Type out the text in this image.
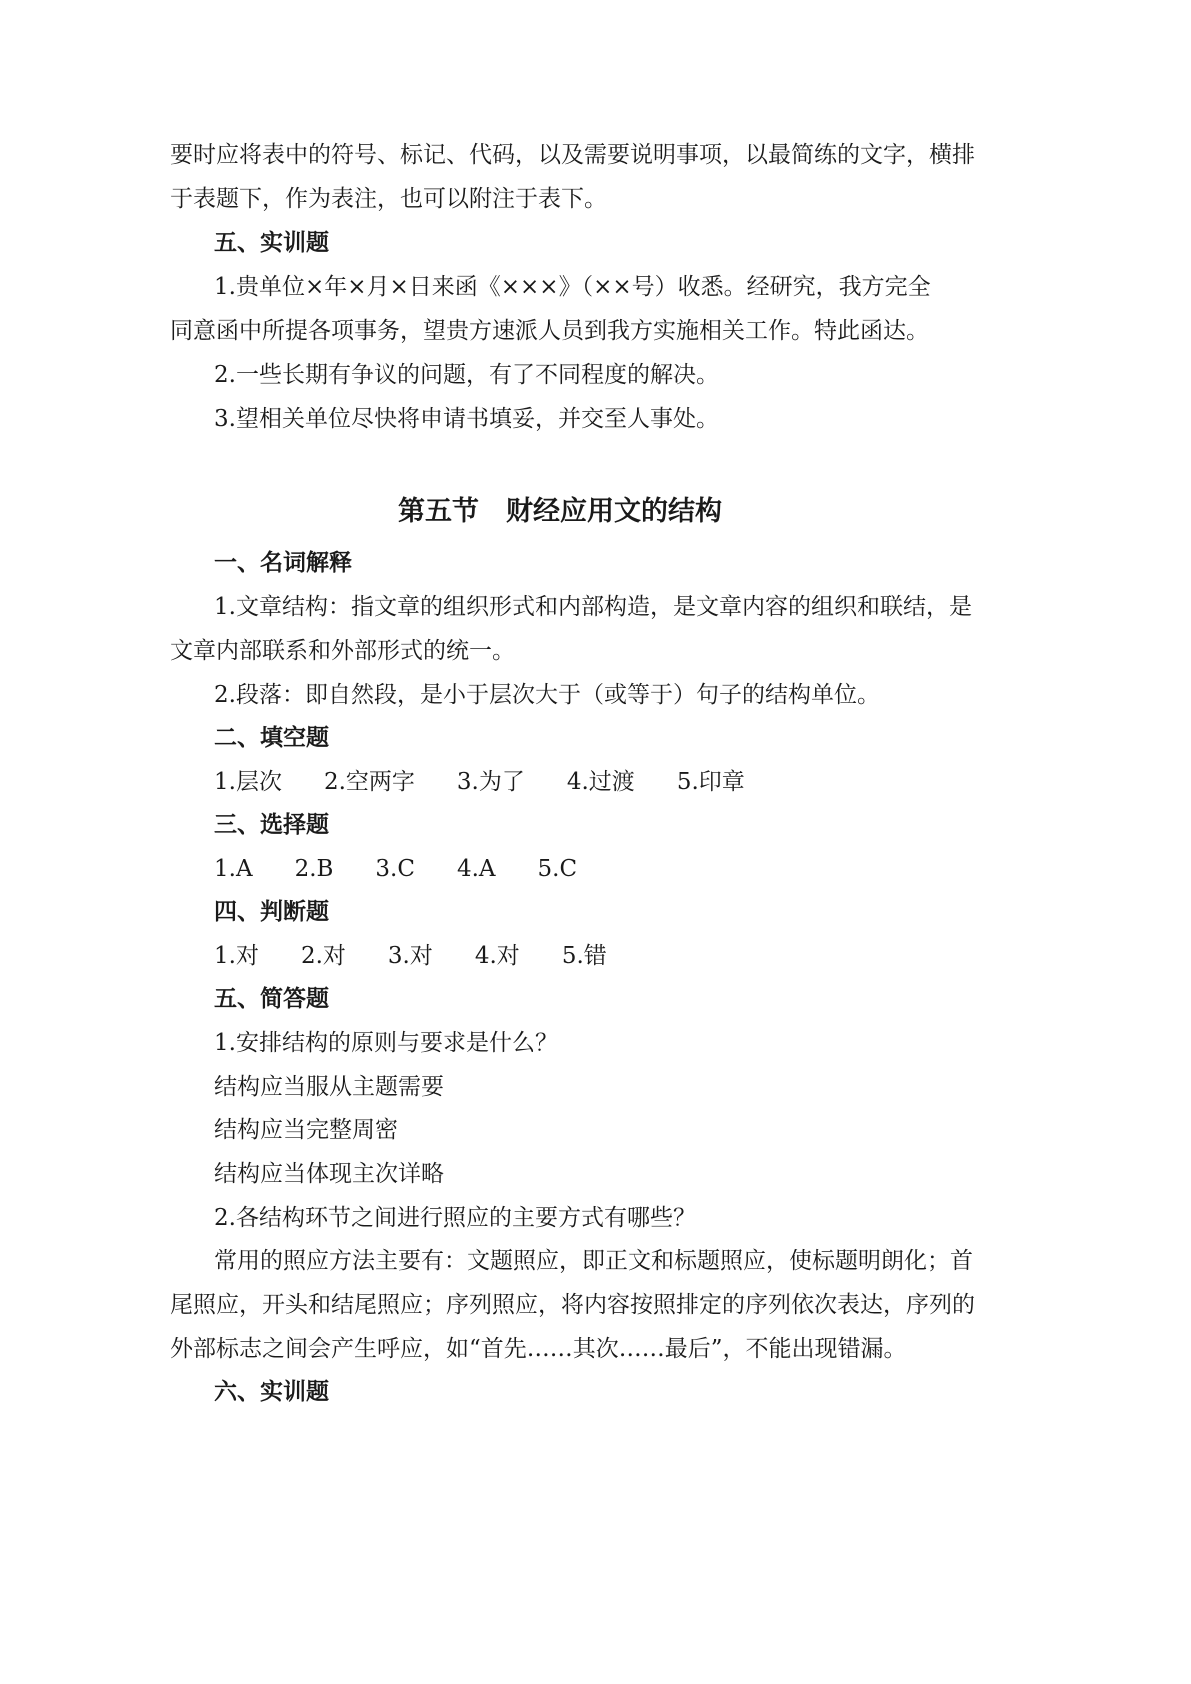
要时应将表中的符号、标记、代码，以及需要说明事项，以最简练的文字，横排

于表题下，作为表注，也可以附注于表下。

五、实训题

1.贵单位×年×月×日来函《×××》（××号）收悉。经研究，我方完全

同意函中所提各项事务，望贵方速派人员到我方实施相关工作。特此函达。

2.一些长期有争议的问题，有了不同程度的解决。

3.望相关单位尽快将申请书填妥，并交至人事处。

第五节　财经应用文的结构

一、名词解释

1.文章结构：指文章的组织形式和内部构造，是文章内容的组织和联结，是

文章内部联系和外部形式的统一。

2.段落：即自然段，是小于层次大于（或等于）句子的结构单位。

二、填空题

1.层次 2.空两字 3.为了 4.过渡 5.印章

三、选择题

1.A 2.B 3.C 4.A 5.C

四、判断题

1.对 2.对 3.对 4.对 5.错

五、简答题

1.安排结构的原则与要求是什么？

结构应当服从主题需要

结构应当完整周密

结构应当体现主次详略

2.各结构环节之间进行照应的主要方式有哪些？

常用的照应方法主要有：文题照应，即正文和标题照应，使标题明朗化；首

尾照应，开头和结尾照应；序列照应，将内容按照排定的序列依次表达，序列的

外部标志之间会产生呼应，如“首先……其次……最后”，不能出现错漏。

六、实训题
